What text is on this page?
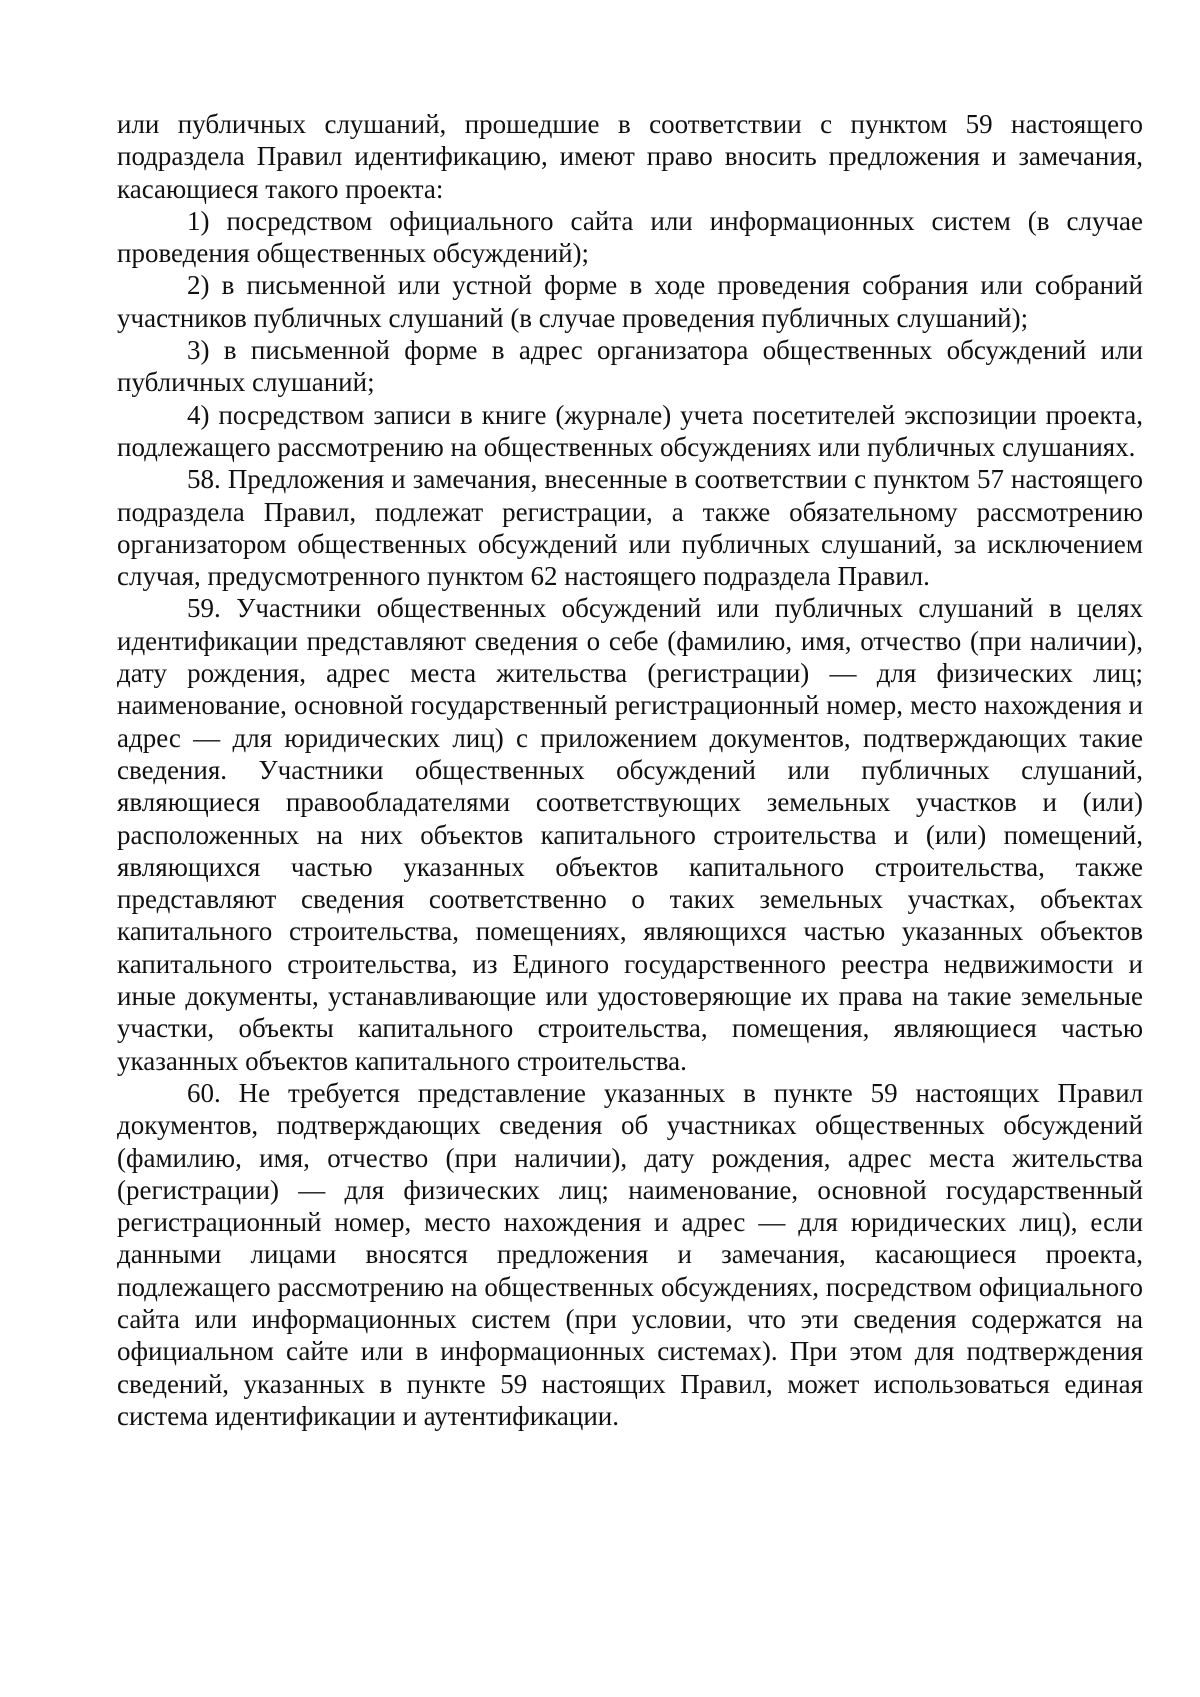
или публичных слушаний, прошедшие в соответствии с пунктом 59 настоящего подраздела Правил идентификацию, имеют право вносить предложения и замечания, касающиеся такого проекта:

1) посредством официального сайта или информационных систем (в случае проведения общественных обсуждений);

2) в письменной или устной форме в ходе проведения собрания или собраний участников публичных слушаний (в случае проведения публичных слушаний);

3) в письменной форме в адрес организатора общественных обсуждений или публичных слушаний;

4) посредством записи в книге (журнале) учета посетителей экспозиции проекта, подлежащего рассмотрению на общественных обсуждениях или публичных слушаниях.

58. Предложения и замечания, внесенные в соответствии с пунктом 57 настоящего подраздела Правил, подлежат регистрации, а также обязательному рассмотрению организатором общественных обсуждений или публичных слушаний, за исключением случая, предусмотренного пунктом 62 настоящего подраздела Правил.

59. Участники общественных обсуждений или публичных слушаний в целях идентификации представляют сведения о себе (фамилию, имя, отчество (при наличии), дату рождения, адрес места жительства (регистрации) — для физических лиц; наименование, основной государственный регистрационный номер, место нахождения и адрес — для юридических лиц) с приложением документов, подтверждающих такие сведения. Участники общественных обсуждений или публичных слушаний, являющиеся правообладателями соответствующих земельных участков и (или) расположенных на них объектов капитального строительства и (или) помещений, являющихся частью указанных объектов капитального строительства, также представляют сведения соответственно о таких земельных участках, объектах капитального строительства, помещениях, являющихся частью указанных объектов капитального строительства, из Единого государственного реестра недвижимости и иные документы, устанавливающие или удостоверяющие их права на такие земельные участки, объекты капитального строительства, помещения, являющиеся частью указанных объектов капитального строительства.

60. Не требуется представление указанных в пункте 59 настоящих Правил документов, подтверждающих сведения об участниках общественных обсуждений (фамилию, имя, отчество (при наличии), дату рождения, адрес места жительства (регистрации) — для физических лиц; наименование, основной государственный регистрационный номер, место нахождения и адрес — для юридических лиц), если данными лицами вносятся предложения и замечания, касающиеся проекта, подлежащего рассмотрению на общественных обсуждениях, посредством официального сайта или информационных систем (при условии, что эти сведения содержатся на официальном сайте или в информационных системах). При этом для подтверждения сведений, указанных в пункте 59 настоящих Правил, может использоваться единая система идентификации и аутентификации.
